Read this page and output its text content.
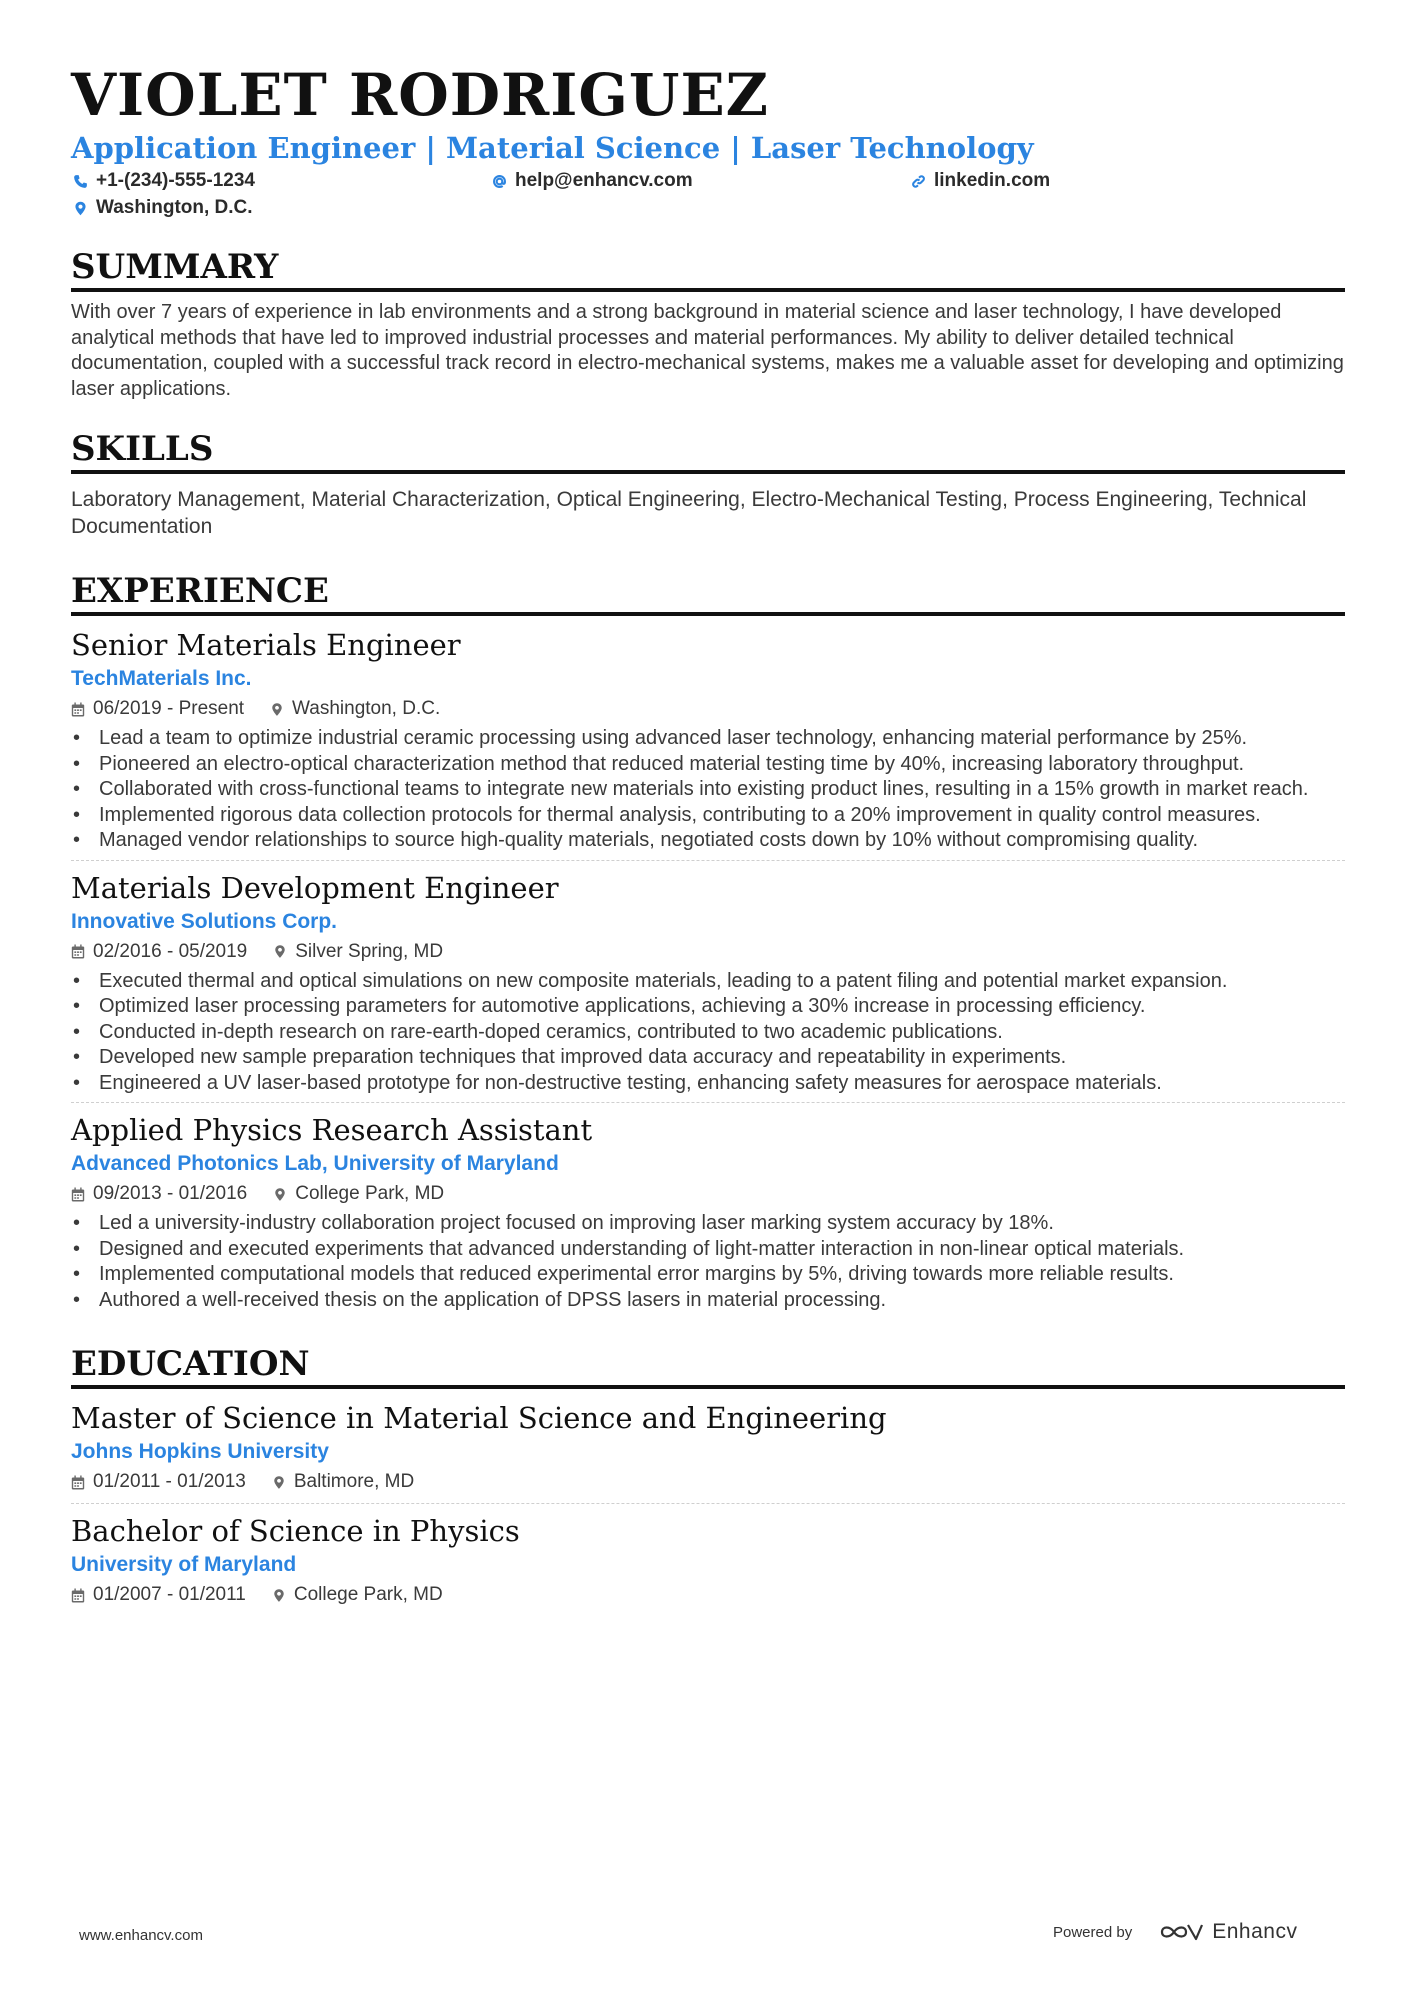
VIOLET RODRIGUEZ
Application Engineer | Material Science | Laser Technology
+1-(234)-555-1234	help@enhancv.com	linkedin.com
Washington, D.C.
SUMMARY

With over 7 years of experience in lab environments and a strong background in material science and laser technology, I have developed analytical methods that have led to improved industrial processes and material performances. My ability to deliver detailed technical documentation, coupled with a successful track record in electro-mechanical systems, makes me a valuable asset for developing and optimizing laser applications.

SKILLS

Laboratory Management, Material Characterization, Optical Engineering, Electro-Mechanical Testing, Process Engineering, Technical Documentation

EXPERIENCE
Senior Materials Engineer
TechMaterials Inc.
06/2019 - Present	Washington, D.C.
• Lead a team to optimize industrial ceramic processing using advanced laser technology, enhancing material performance by 25%.
• Pioneered an electro-optical characterization method that reduced material testing time by 40%, increasing laboratory throughput.
• Collaborated with cross-functional teams to integrate new materials into existing product lines, resulting in a 15% growth in market reach.
• Implemented rigorous data collection protocols for thermal analysis, contributing to a 20% improvement in quality control measures.
• Managed vendor relationships to source high-quality materials, negotiated costs down by 10% without compromising quality.
Materials Development Engineer
Innovative Solutions Corp.
02/2016 - 05/2019	Silver Spring, MD
• Executed thermal and optical simulations on new composite materials, leading to a patent filing and potential market expansion.
• Optimized laser processing parameters for automotive applications, achieving a 30% increase in processing efficiency.
• Conducted in-depth research on rare-earth-doped ceramics, contributed to two academic publications.
• Developed new sample preparation techniques that improved data accuracy and repeatability in experiments.
• Engineered a UV laser-based prototype for non-destructive testing, enhancing safety measures for aerospace materials.
Applied Physics Research Assistant
Advanced Photonics Lab, University of Maryland
09/2013 - 01/2016	College Park, MD
• Led a university-industry collaboration project focused on improving laser marking system accuracy by 18%.
• Designed and executed experiments that advanced understanding of light-matter interaction in non-linear optical materials.
• Implemented computational models that reduced experimental error margins by 5%, driving towards more reliable results.
• Authored a well-received thesis on the application of DPSS lasers in material processing.
EDUCATION
Master of Science in Material Science and Engineering
Johns Hopkins University
01/2011 - 01/2013	Baltimore, MD
Bachelor of Science in Physics
University of Maryland
01/2007 - 01/2011	College Park, MD
www.enhancv.com	Powered by	Enhancv
